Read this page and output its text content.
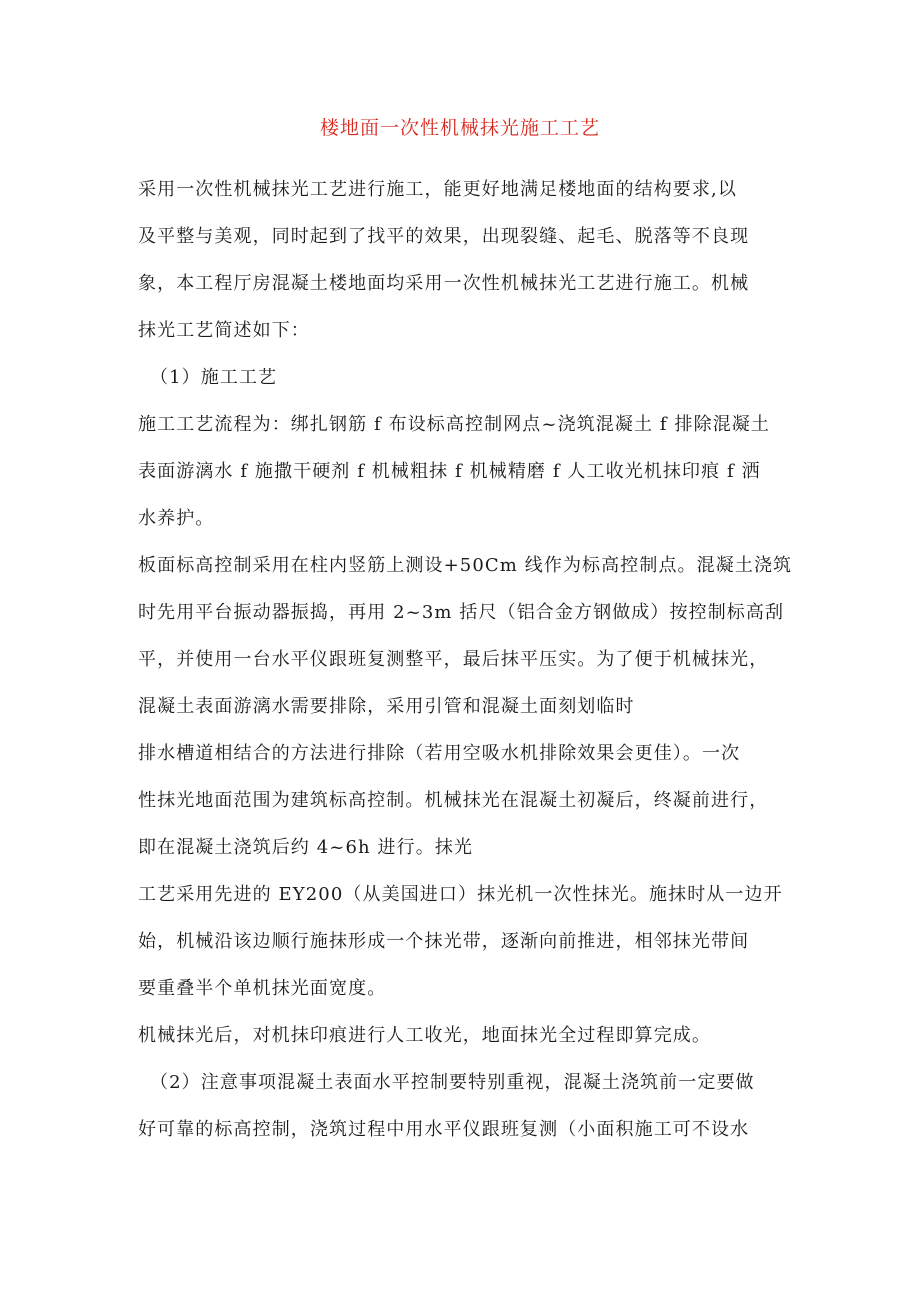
楼地面一次性机械抹光施工工艺
采用一次性机械抹光工艺进行施工，能更好地满足楼地面的结构要求,以
及平整与美观，同时起到了找平的效果，出现裂缝、起毛、脱落等不良现
象，本工程厅房混凝土楼地面均采用一次性机械抹光工艺进行施工。机械
抹光工艺简述如下：
（1）施工工艺
施工工艺流程为：绑扎钢筋 f 布设标高控制网点~浇筑混凝土 f 排除混凝土
表面游漓水 f 施撒干硬剂 f 机械粗抹 f 机械精磨 f 人工收光机抹印痕 f 洒
水养护。
板面标高控制采用在柱内竖筋上测设+50Cm 线作为标高控制点。混凝土浇筑
时先用平台振动器振捣，再用 2~3m 括尺（铝合金方钢做成）按控制标高刮
平，并使用一台水平仪跟班复测整平，最后抹平压实。为了便于机械抹光，
混凝土表面游漓水需要排除，采用引管和混凝土面刻划临时
排水槽道相结合的方法进行排除（若用空吸水机排除效果会更佳）。一次
性抹光地面范围为建筑标高控制。机械抹光在混凝土初凝后，终凝前进行，
即在混凝土浇筑后约 4~6h 进行。抹光
工艺采用先进的 EY200（从美国进口）抹光机一次性抹光。施抹时从一边开
始，机械沿该边顺行施抹形成一个抹光带，逐渐向前推进，相邻抹光带间
要重叠半个单机抹光面宽度。
机械抹光后，对机抹印痕进行人工收光，地面抹光全过程即算完成。
（2）注意事项混凝土表面水平控制要特别重视，混凝土浇筑前一定要做
好可靠的标高控制，浇筑过程中用水平仪跟班复测（小面积施工可不设水
